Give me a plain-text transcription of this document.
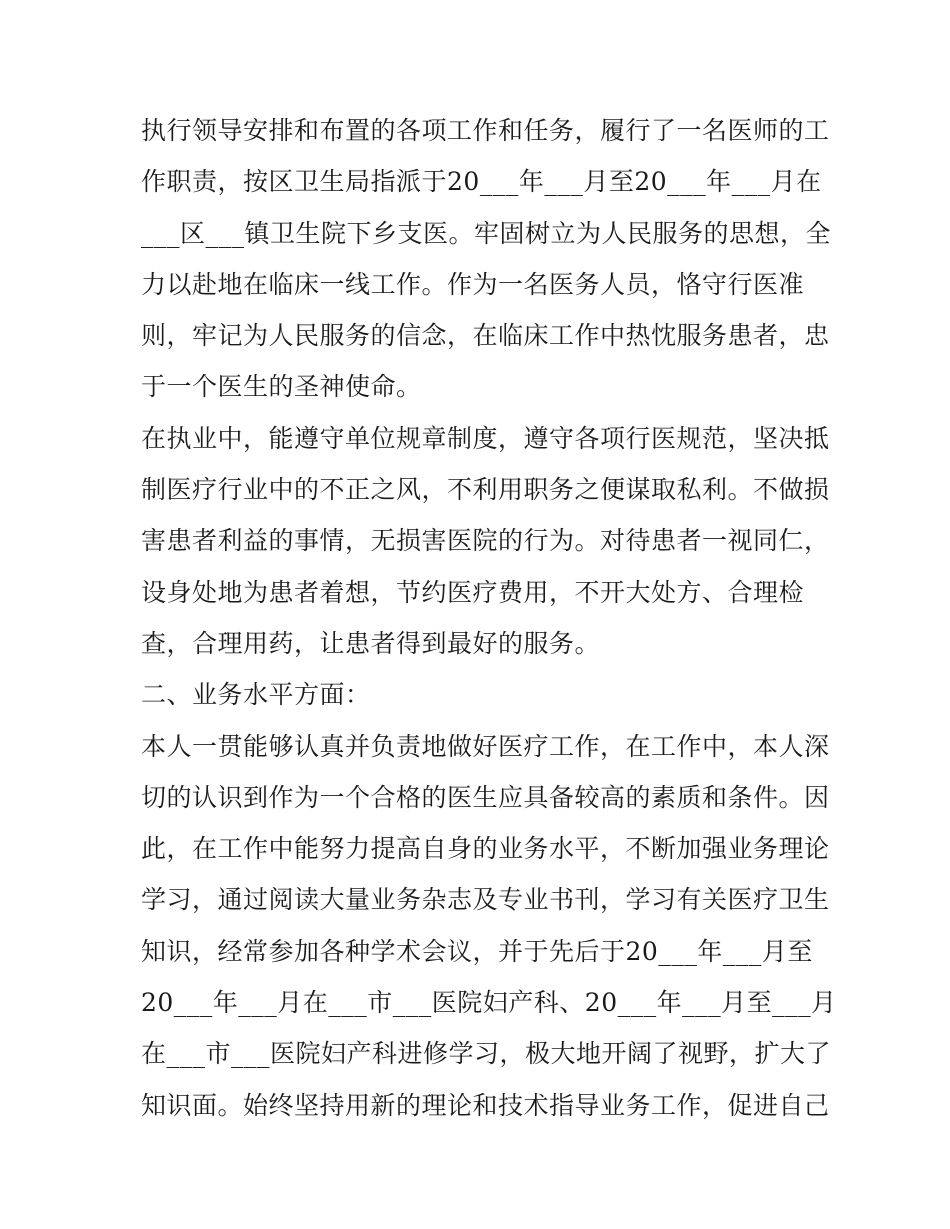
执行领导安排和布置的各项工作和任务，履行了一名医师的工
作职责，按区卫生局指派于20___年___月至20___年___月在
___区___镇卫生院下乡支医。牢固树立为人民服务的思想，全
力以赴地在临床一线工作。作为一名医务人员，恪守行医准
则，牢记为人民服务的信念，在临床工作中热忱服务患者，忠
于一个医生的圣神使命。
在执业中，能遵守单位规章制度，遵守各项行医规范，坚决抵
制医疗行业中的不正之风，不利用职务之便谋取私利。不做损
害患者利益的事情，无损害医院的行为。对待患者一视同仁，
设身处地为患者着想，节约医疗费用，不开大处方、合理检
查，合理用药，让患者得到最好的服务。
二、业务水平方面：
本人一贯能够认真并负责地做好医疗工作，在工作中，本人深
切的认识到作为一个合格的医生应具备较高的素质和条件。因
此，在工作中能努力提高自身的业务水平，不断加强业务理论
学习，通过阅读大量业务杂志及专业书刊，学习有关医疗卫生
知识，经常参加各种学术会议，并于先后于20___年___月至
20___年___月在___市___医院妇产科、20___年___月至___月
在___市___医院妇产科进修学习，极大地开阔了视野，扩大了
知识面。始终坚持用新的理论和技术指导业务工作，促进自己
